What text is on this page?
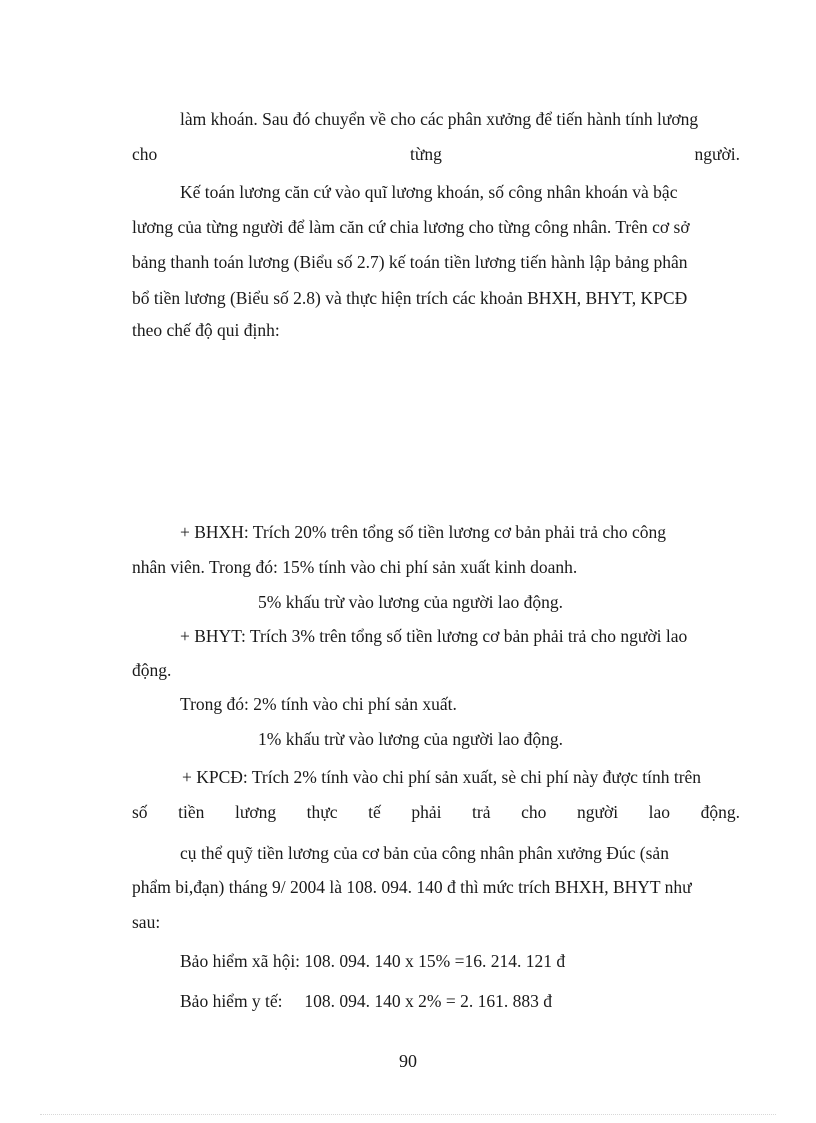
làm khoán. Sau đó chuyển về cho các phân xưởng để tiến hành tính lương
cho	từng	người.
Kế toán lương căn cứ vào quĩ lương khoán, số công nhân khoán và bậc
lương của từng người để làm căn cứ chia lương cho từng công nhân. Trên cơ sở
bảng thanh toán lương (Biểu số 2.7) kế toán tiền lương tiến hành lập bảng phân
bổ tiền lương (Biểu số 2.8) và thực hiện trích các khoản BHXH, BHYT, KPCĐ
theo chế độ qui định:
+ BHXH: Trích 20% trên tổng số tiền lương cơ bản phải trả cho công
nhân viên. Trong đó: 15% tính vào chi phí sản xuất kinh doanh.
5% khấu trừ vào lương của người lao động.
+ BHYT: Trích 3% trên tổng số tiền lương cơ bản phải trả cho người lao
động.
Trong đó: 2% tính vào chi phí sản xuất.
1% khấu trừ vào lương của người lao động.
+ KPCĐ: Trích 2% tính vào chi phí sản xuất, sè chi phí này được tính trên
số tiền lương thực tế phải trả cho người lao động.
cụ thể quỹ tiền lương của cơ bản của công nhân phân xưởng Đúc (sản
phẩm bi,đạn) tháng 9/ 2004 là 108. 094. 140 đ thì mức trích BHXH, BHYT như
sau:
Bảo hiểm xã hội: 108. 094. 140 x 15% =16. 214. 121 đ
Bảo hiểm y tế:     108. 094. 140 x 2% = 2. 161. 883 đ
90
